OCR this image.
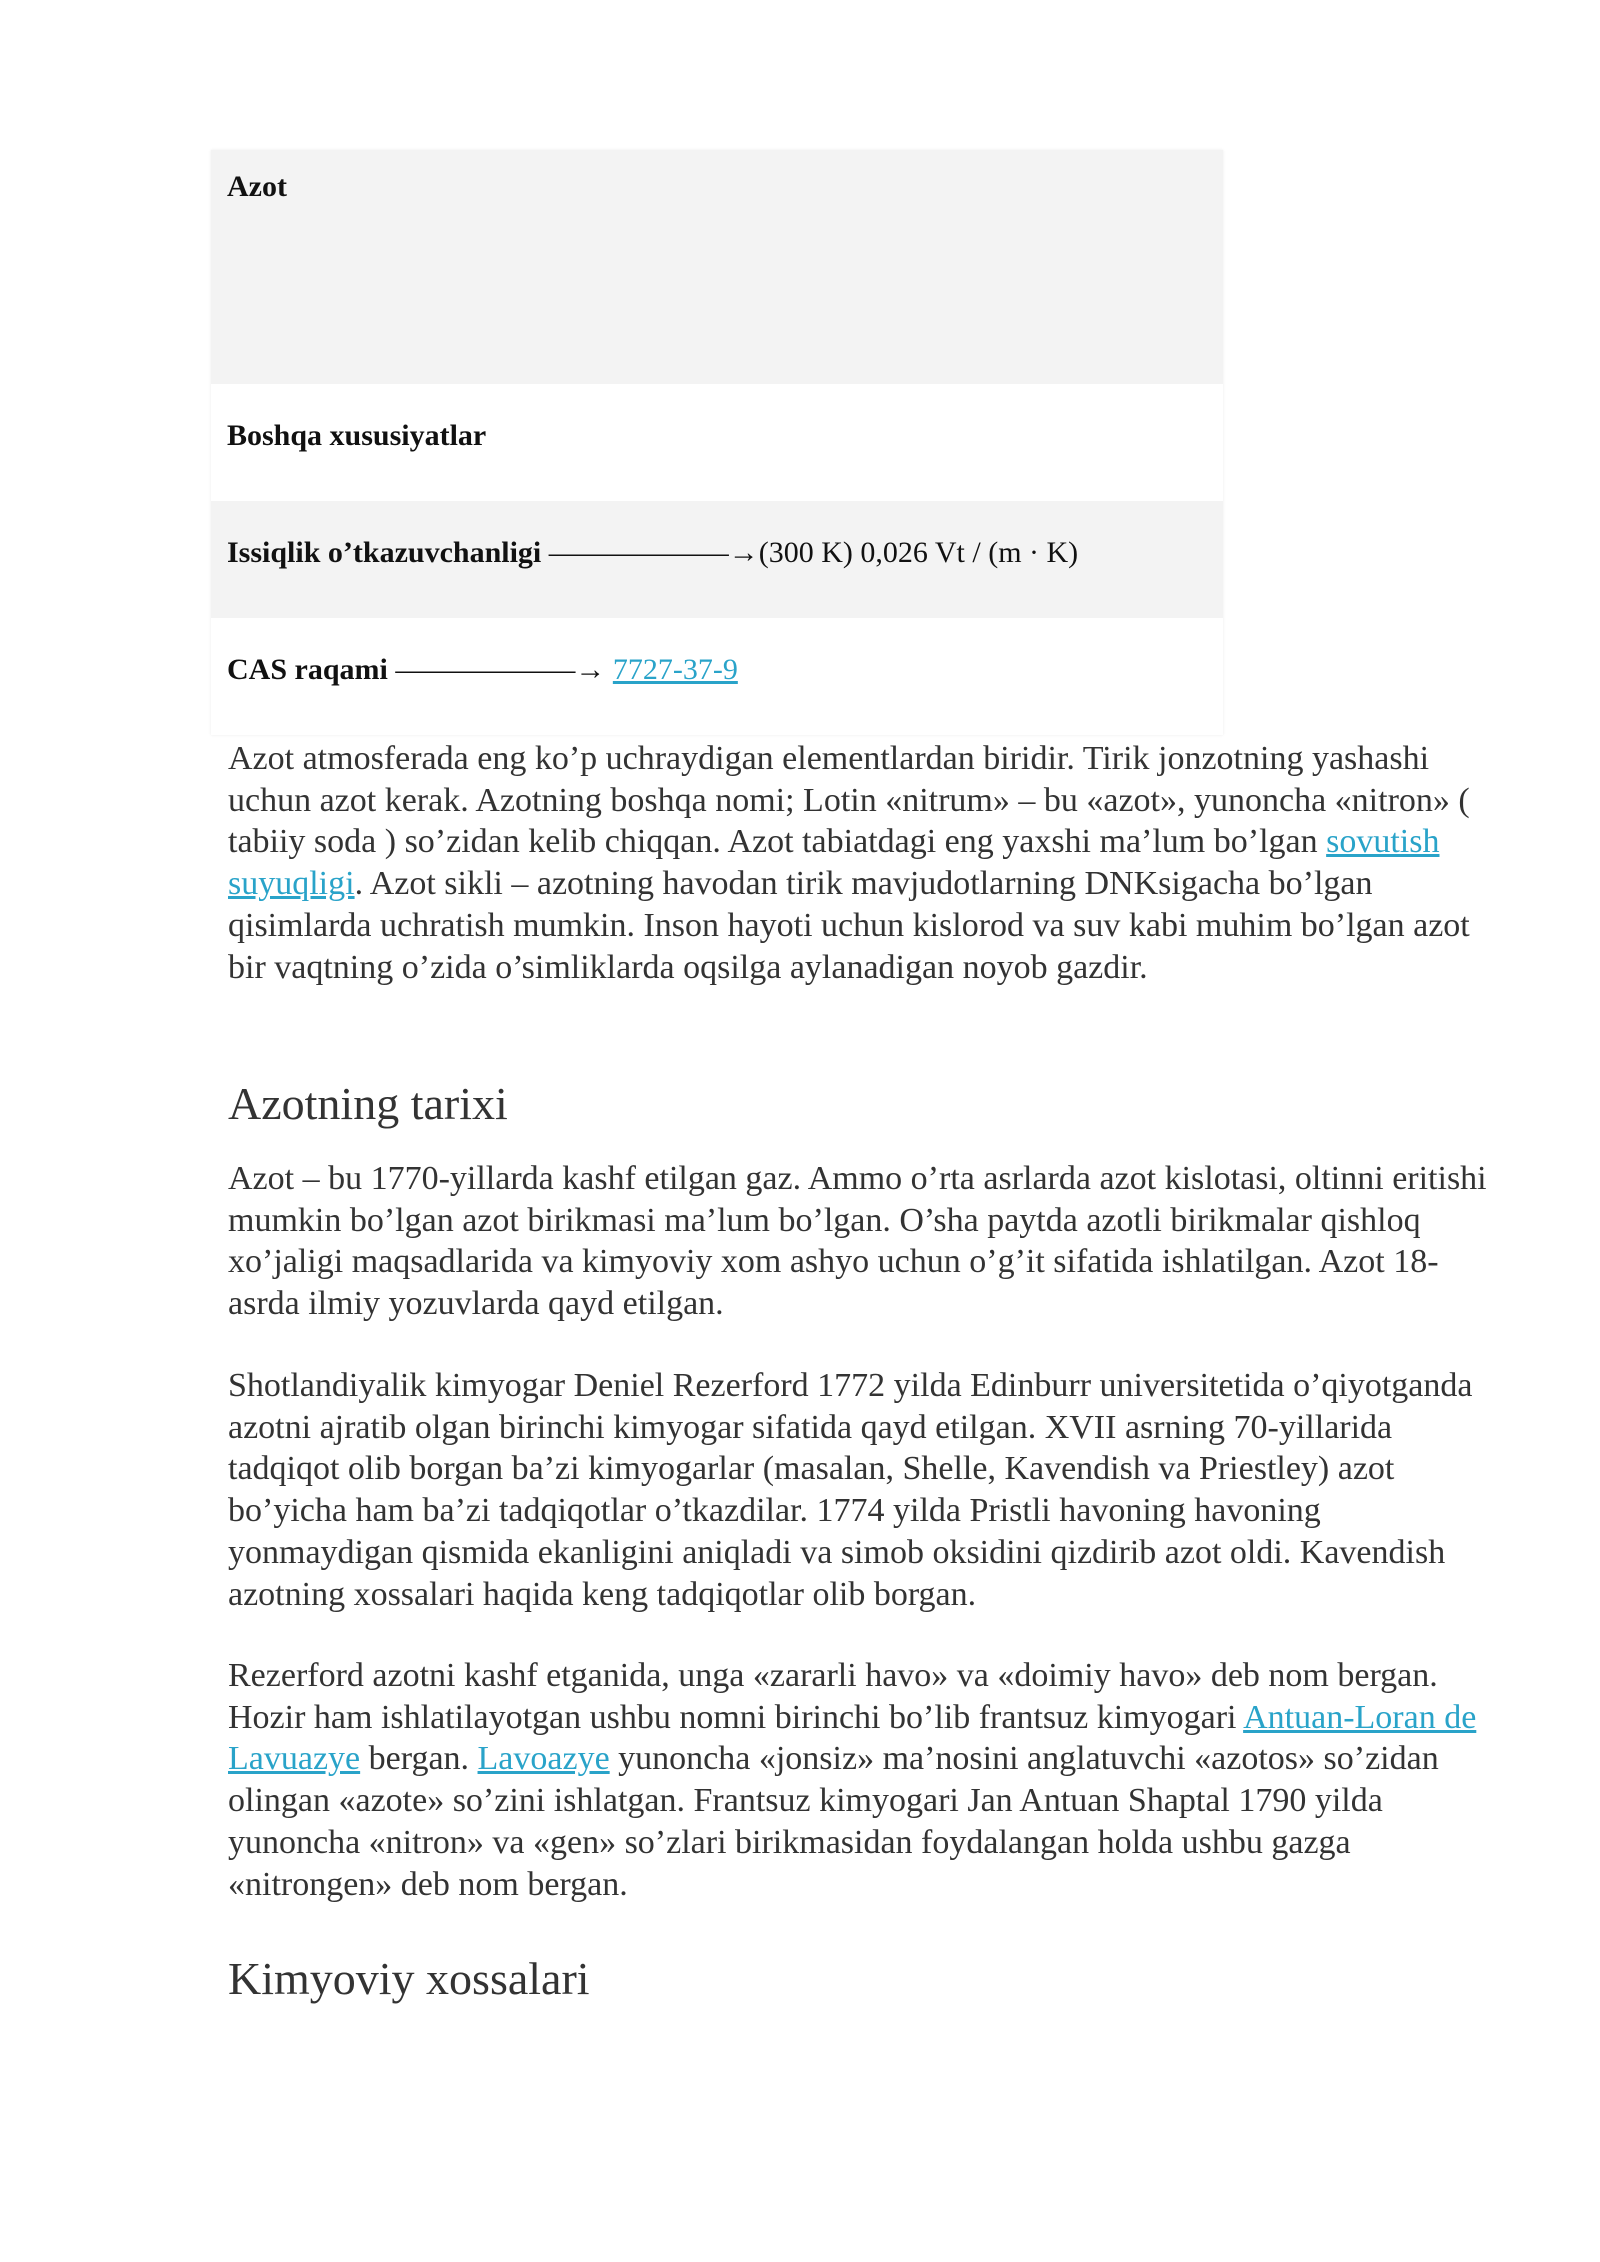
Azot
Boshqa xususiyatlar
Issiqlik o’tkazuvchanligi ——————→(300 K) 0,026 Vt / (m · K)
CAS raqami ——————→ 7727-37-9

Azot atmosferada eng ko’p uchraydigan elementlardan biridir. Tirik jonzotning yashashi uchun azot kerak. Azotning boshqa nomi; Lotin «nitrum» – bu «azot», yunoncha «nitron» ( tabiiy soda ) so’zidan kelib chiqqan. Azot tabiatdagi eng yaxshi ma’lum bo’lgan sovutish suyuqligi. Azot sikli – azotning havodan tirik mavjudotlarning DNKsigacha bo’lgan qisimlarda uchratish mumkin. Inson hayoti uchun kislorod va suv kabi muhim bo’lgan azot bir vaqtning o’zida o’simliklarda oqsilga aylanadigan noyob gazdir.

Azotning tarixi

Azot – bu 1770-yillarda kashf etilgan gaz. Ammo o’rta asrlarda azot kislotasi, oltinni eritishi mumkin bo’lgan azot birikmasi ma’lum bo’lgan. O’sha paytda azotli birikmalar qishloq xo’jaligi maqsadlarida va kimyoviy xom ashyo uchun o’g’it sifatida ishlatilgan. Azot 18-asrda ilmiy yozuvlarda qayd etilgan.

Shotlandiyalik kimyogar Deniel Rezerford 1772 yilda Edinburr universitetida o’qiyotganda azotni ajratib olgan birinchi kimyogar sifatida qayd etilgan. XVII asrning 70-yillarida tadqiqot olib borgan ba’zi kimyogarlar (masalan, Shelle, Kavendish va Priestley) azot bo’yicha ham ba’zi tadqiqotlar o’tkazdilar. 1774 yilda Pristli havoning havoning yonmaydigan qismida ekanligini aniqladi va simob oksidini qizdirib azot oldi. Kavendish azotning xossalari haqida keng tadqiqotlar olib borgan.

Rezerford azotni kashf etganida, unga «zararli havo» va «doimiy havo» deb nom bergan. Hozir ham ishlatilayotgan ushbu nomni birinchi bo’lib frantsuz kimyogari Antuan-Loran de Lavuazye bergan. Lavoazye yunoncha «jonsiz» ma’nosini anglatuvchi «azotos» so’zidan olingan «azote» so’zini ishlatgan. Frantsuz kimyogari Jan Antuan Shaptal 1790 yilda yunoncha «nitron» va «gen» so’zlari birikmasidan foydalangan holda ushbu gazga «nitrongen» deb nom bergan.

Kimyoviy xossalari
